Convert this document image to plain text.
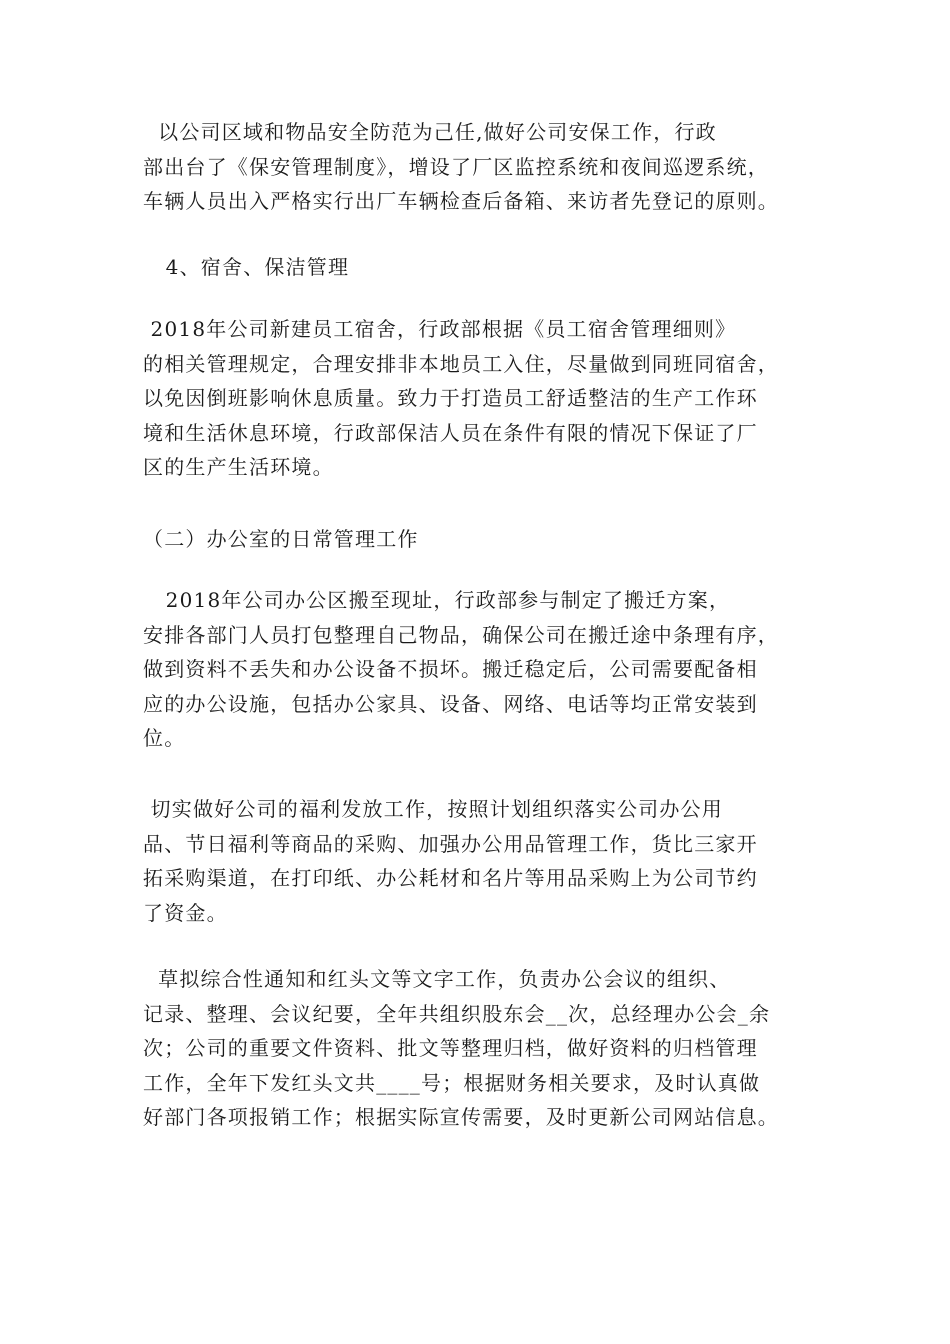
以公司区域和物品安全防范为己任,做好公司安保工作，行政
部出台了《保安管理制度》，增设了厂区监控系统和夜间巡逻系统，
车辆人员出入严格实行出厂车辆检查后备箱、来访者先登记的原则。

4、宿舍、保洁管理

2018年公司新建员工宿舍，行政部根据《员工宿舍管理细则》
的相关管理规定，合理安排非本地员工入住，尽量做到同班同宿舍，
以免因倒班影响休息质量。致力于打造员工舒适整洁的生产工作环
境和生活休息环境，行政部保洁人员在条件有限的情况下保证了厂
区的生产生活环境。

（二）办公室的日常管理工作

2018年公司办公区搬至现址，行政部参与制定了搬迁方案，
安排各部门人员打包整理自己物品，确保公司在搬迁途中条理有序，
做到资料不丢失和办公设备不损坏。搬迁稳定后，公司需要配备相
应的办公设施，包括办公家具、设备、网络、电话等均正常安装到
位。

切实做好公司的福利发放工作，按照计划组织落实公司办公用
品、节日福利等商品的采购、加强办公用品管理工作，货比三家开
拓采购渠道，在打印纸、办公耗材和名片等用品采购上为公司节约
了资金。

草拟综合性通知和红头文等文字工作，负责办公会议的组织、
记录、整理、会议纪要，全年共组织股东会__次，总经理办公会_余
次；公司的重要文件资料、批文等整理归档，做好资料的归档管理
工作，全年下发红头文共____号；根据财务相关要求，及时认真做
好部门各项报销工作；根据实际宣传需要，及时更新公司网站信息。
